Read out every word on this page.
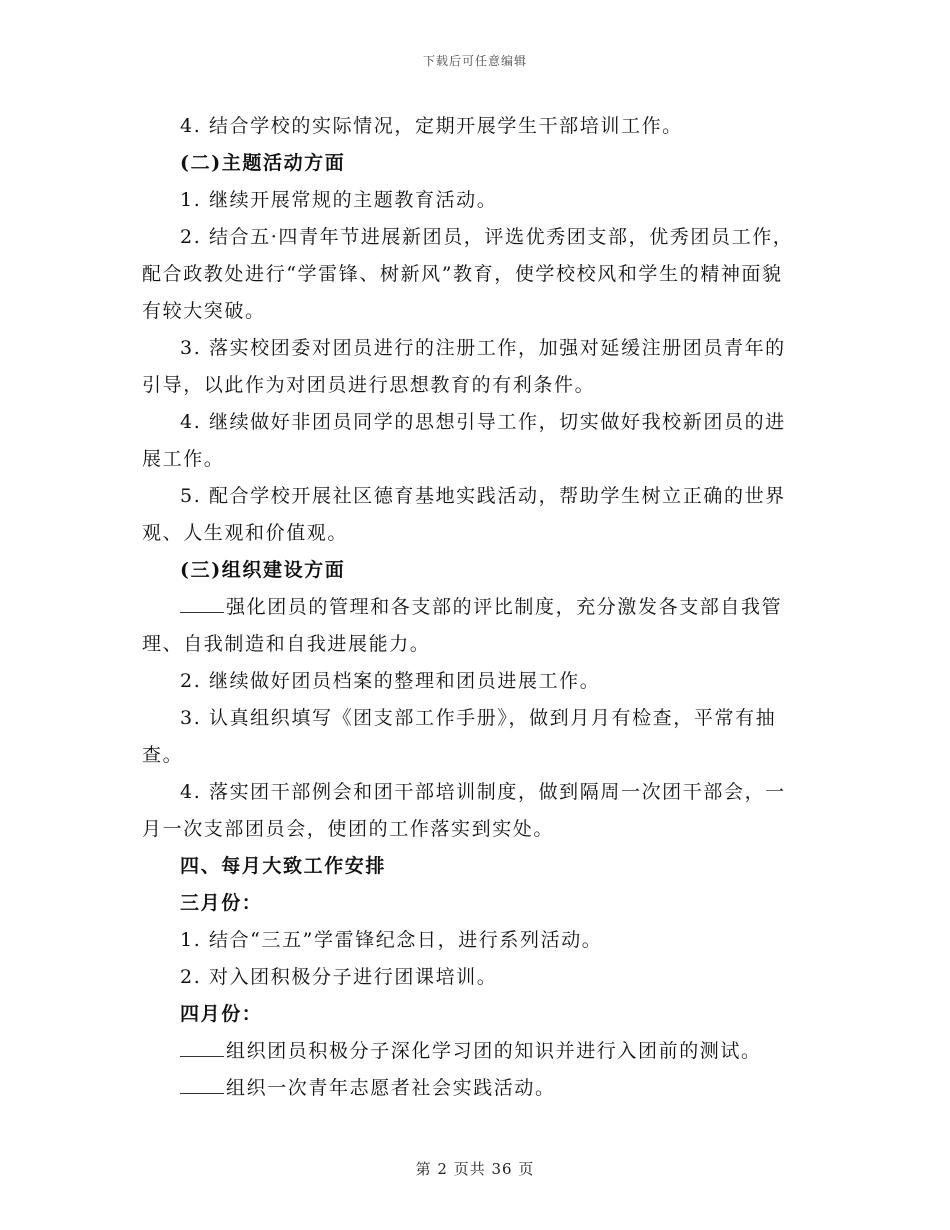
下载后可任意编辑

4. 结合学校的实际情况，定期开展学生干部培训工作。

(二)主题活动方面

1. 继续开展常规的主题教育活动。

2. 结合五·四青年节进展新团员，评选优秀团支部，优秀团员工作，配合政教处进行“学雷锋、树新风”教育，使学校校风和学生的精神面貌有较大突破。

3. 落实校团委对团员进行的注册工作，加强对延缓注册团员青年的引导，以此作为对团员进行思想教育的有利条件。

4. 继续做好非团员同学的思想引导工作，切实做好我校新团员的进展工作。

5. 配合学校开展社区德育基地实践活动，帮助学生树立正确的世界观、人生观和价值观。

(三)组织建设方面

强化团员的管理和各支部的评比制度，充分激发各支部自我管理、自我制造和自我进展能力。

2. 继续做好团员档案的整理和团员进展工作。

3. 认真组织填写《团支部工作手册》，做到月月有检查，平常有抽查。

4. 落实团干部例会和团干部培训制度，做到隔周一次团干部会，一月一次支部团员会，使团的工作落实到实处。

四、每月大致工作安排

三月份：

1. 结合“三五”学雷锋纪念日，进行系列活动。

2. 对入团积极分子进行团课培训。

四月份：

组织团员积极分子深化学习团的知识并进行入团前的测试。

组织一次青年志愿者社会实践活动。

第 2 页共 36 页
